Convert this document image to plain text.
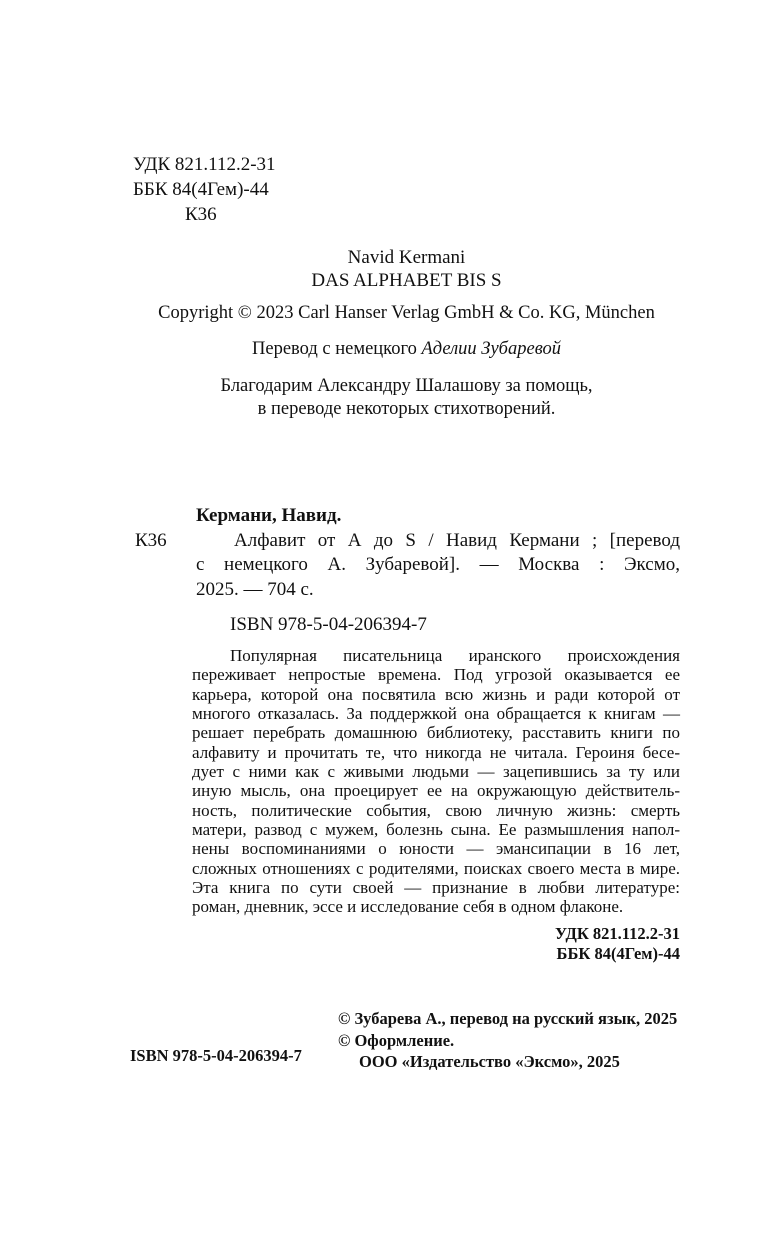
УДК 821.112.2-31
ББК 84(4Гем)-44
К36
Navid Kermani
DAS ALPHABET BIS S
Copyright © 2023 Carl Hanser Verlag GmbH & Co. KG, München
Перевод с немецкого Аделии Зубаревой
Благодарим Александру Шалашову за помощь,
в переводе некоторых стихотворений.
К36
Кермани, Навид.
Алфавит от А до S / Навид Кермани ; [перевод
с немецкого А. Зубаревой]. — Москва : Эксмо,
2025. — 704 с.
ISBN 978-5-04-206394-7
Популярная писательница иранского происхождения
переживает непростые времена. Под угрозой оказывается ее
карьера, которой она посвятила всю жизнь и ради которой от
многого отказалась. За поддержкой она обращается к книгам —
решает перебрать домашнюю библиотеку, расставить книги по
алфавиту и прочитать те, что никогда не читала. Героиня бесе-
дует с ними как с живыми людьми — зацепившись за ту или
иную мысль, она проецирует ее на окружающую действитель-
ность, политические события, свою личную жизнь: смерть
матери, развод с мужем, болезнь сына. Ее размышления напол-
нены воспоминаниями о юности — эмансипации в 16 лет,
сложных отношениях с родителями, поисках своего места в мире.
Эта книга по сути своей — признание в любви литературе:
роман, дневник, эссе и исследование себя в одном флаконе.
УДК 821.112.2-31
ББК 84(4Гем)-44
© Зубарева А., перевод на русский язык, 2025
© Оформление.
ООО «Издательство «Эксмо», 2025
ISBN 978-5-04-206394-7
